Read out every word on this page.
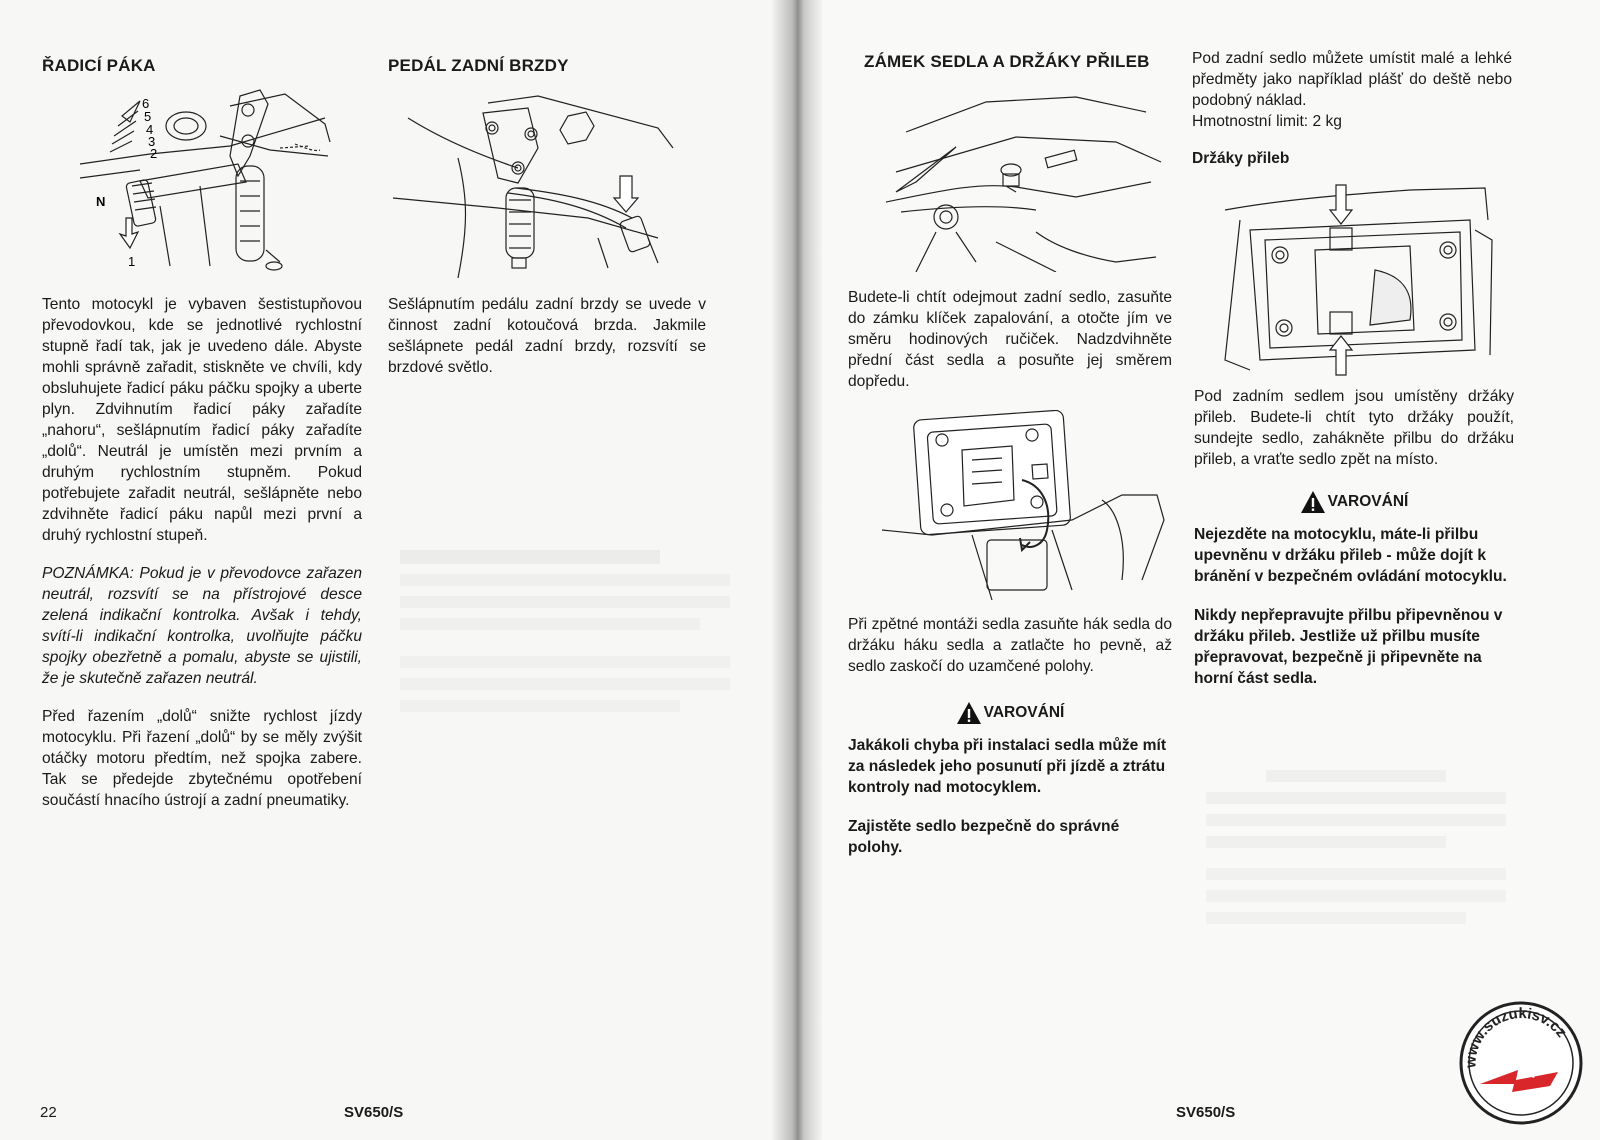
ŘADICÍ PÁKA
6
5
4
3
2
N
1

Tento motocykl je vybaven šestistupňovou převodovkou, kde se jednotlivé rychlostní stupně řadí tak, jak je uvedeno dále. Abyste mohli správně zařadit, stiskněte ve chvíli, kdy obsluhujete řadicí páku páčku spojky a uberte plyn. Zdvihnutím řadicí páky zařadíte „nahoru“, sešlápnutím řadicí páky zařadíte „dolů“. Neutrál je umístěn mezi prvním a druhým rychlostním stupněm. Pokud potřebujete zařadit neutrál, sešlápněte nebo zdvihněte řadicí páku napůl mezi první a druhý rychlostní stupeň.

POZNÁMKA: Pokud je v převodovce zařazen neutrál, rozsvítí se na přístrojové desce zelená indikační kontrolka. Avšak i tehdy, svítí-li indikační kontrolka, uvolňujte páčku spojky obezřetně a pomalu, abyste se ujistili, že je skutečně zařazen neutrál.

Před řazením „dolů“ snižte rychlost jízdy motocyklu. Při řazení „dolů“ by se měly zvýšit otáčky motoru předtím, než spojka zabere. Tak se předejde zbytečnému opotřebení součástí hnacího ústrojí a zadní pneumatiky.

PEDÁL ZADNÍ BRZDY

Sešlápnutím pedálu zadní brzdy se uvede v činnost zadní kotoučová brzda. Jakmile sešlápnete pedál zadní brzdy, rozsvítí se brzdové světlo.

22	SV650/S
ZÁMEK SEDLA A DRŽÁKY PŘILEB

Budete-li chtít odejmout zadní sedlo, zasuňte do zámku klíček zapalování, a otočte jím ve směru hodinových ručiček. Nadzdvihněte přední část sedla a posuňte jej směrem dopředu.

Při zpětné montáži sedla zasuňte hák sedla do držáku háku sedla a zatlačte ho pevně, až sedlo zaskočí do uzamčené polohy.

VAROVÁNÍ

Jakákoli chyba při instalaci sedla může mít za následek jeho posunutí při jízdě a ztrátu kontroly nad motocyklem.

Zajistěte sedlo bezpečně do správné polohy.

Pod zadní sedlo můžete umístit malé a lehké předměty jako například plášť do deště nebo podobný náklad.

Hmotnostní limit: 2 kg

Držáky přileb

Pod zadním sedlem jsou umístěny držáky přileb. Budete-li chtít tyto držáky použít, sundejte sedlo, zahákněte přilbu do držáku přileb, a vraťte sedlo zpět na místo.

VAROVÁNÍ

Nejezděte na motocyklu, máte-li přilbu upevněnu v držáku přileb - může dojít k bránění v bezpečném ovládání motocyklu.

Nikdy nepřepravujte přilbu připevněnou v držáku přileb. Jestliže už přilbu musíte přepravovat, bezpečně ji připevněte na horní část sedla.

SV650/S
www.suzukisv.cz
